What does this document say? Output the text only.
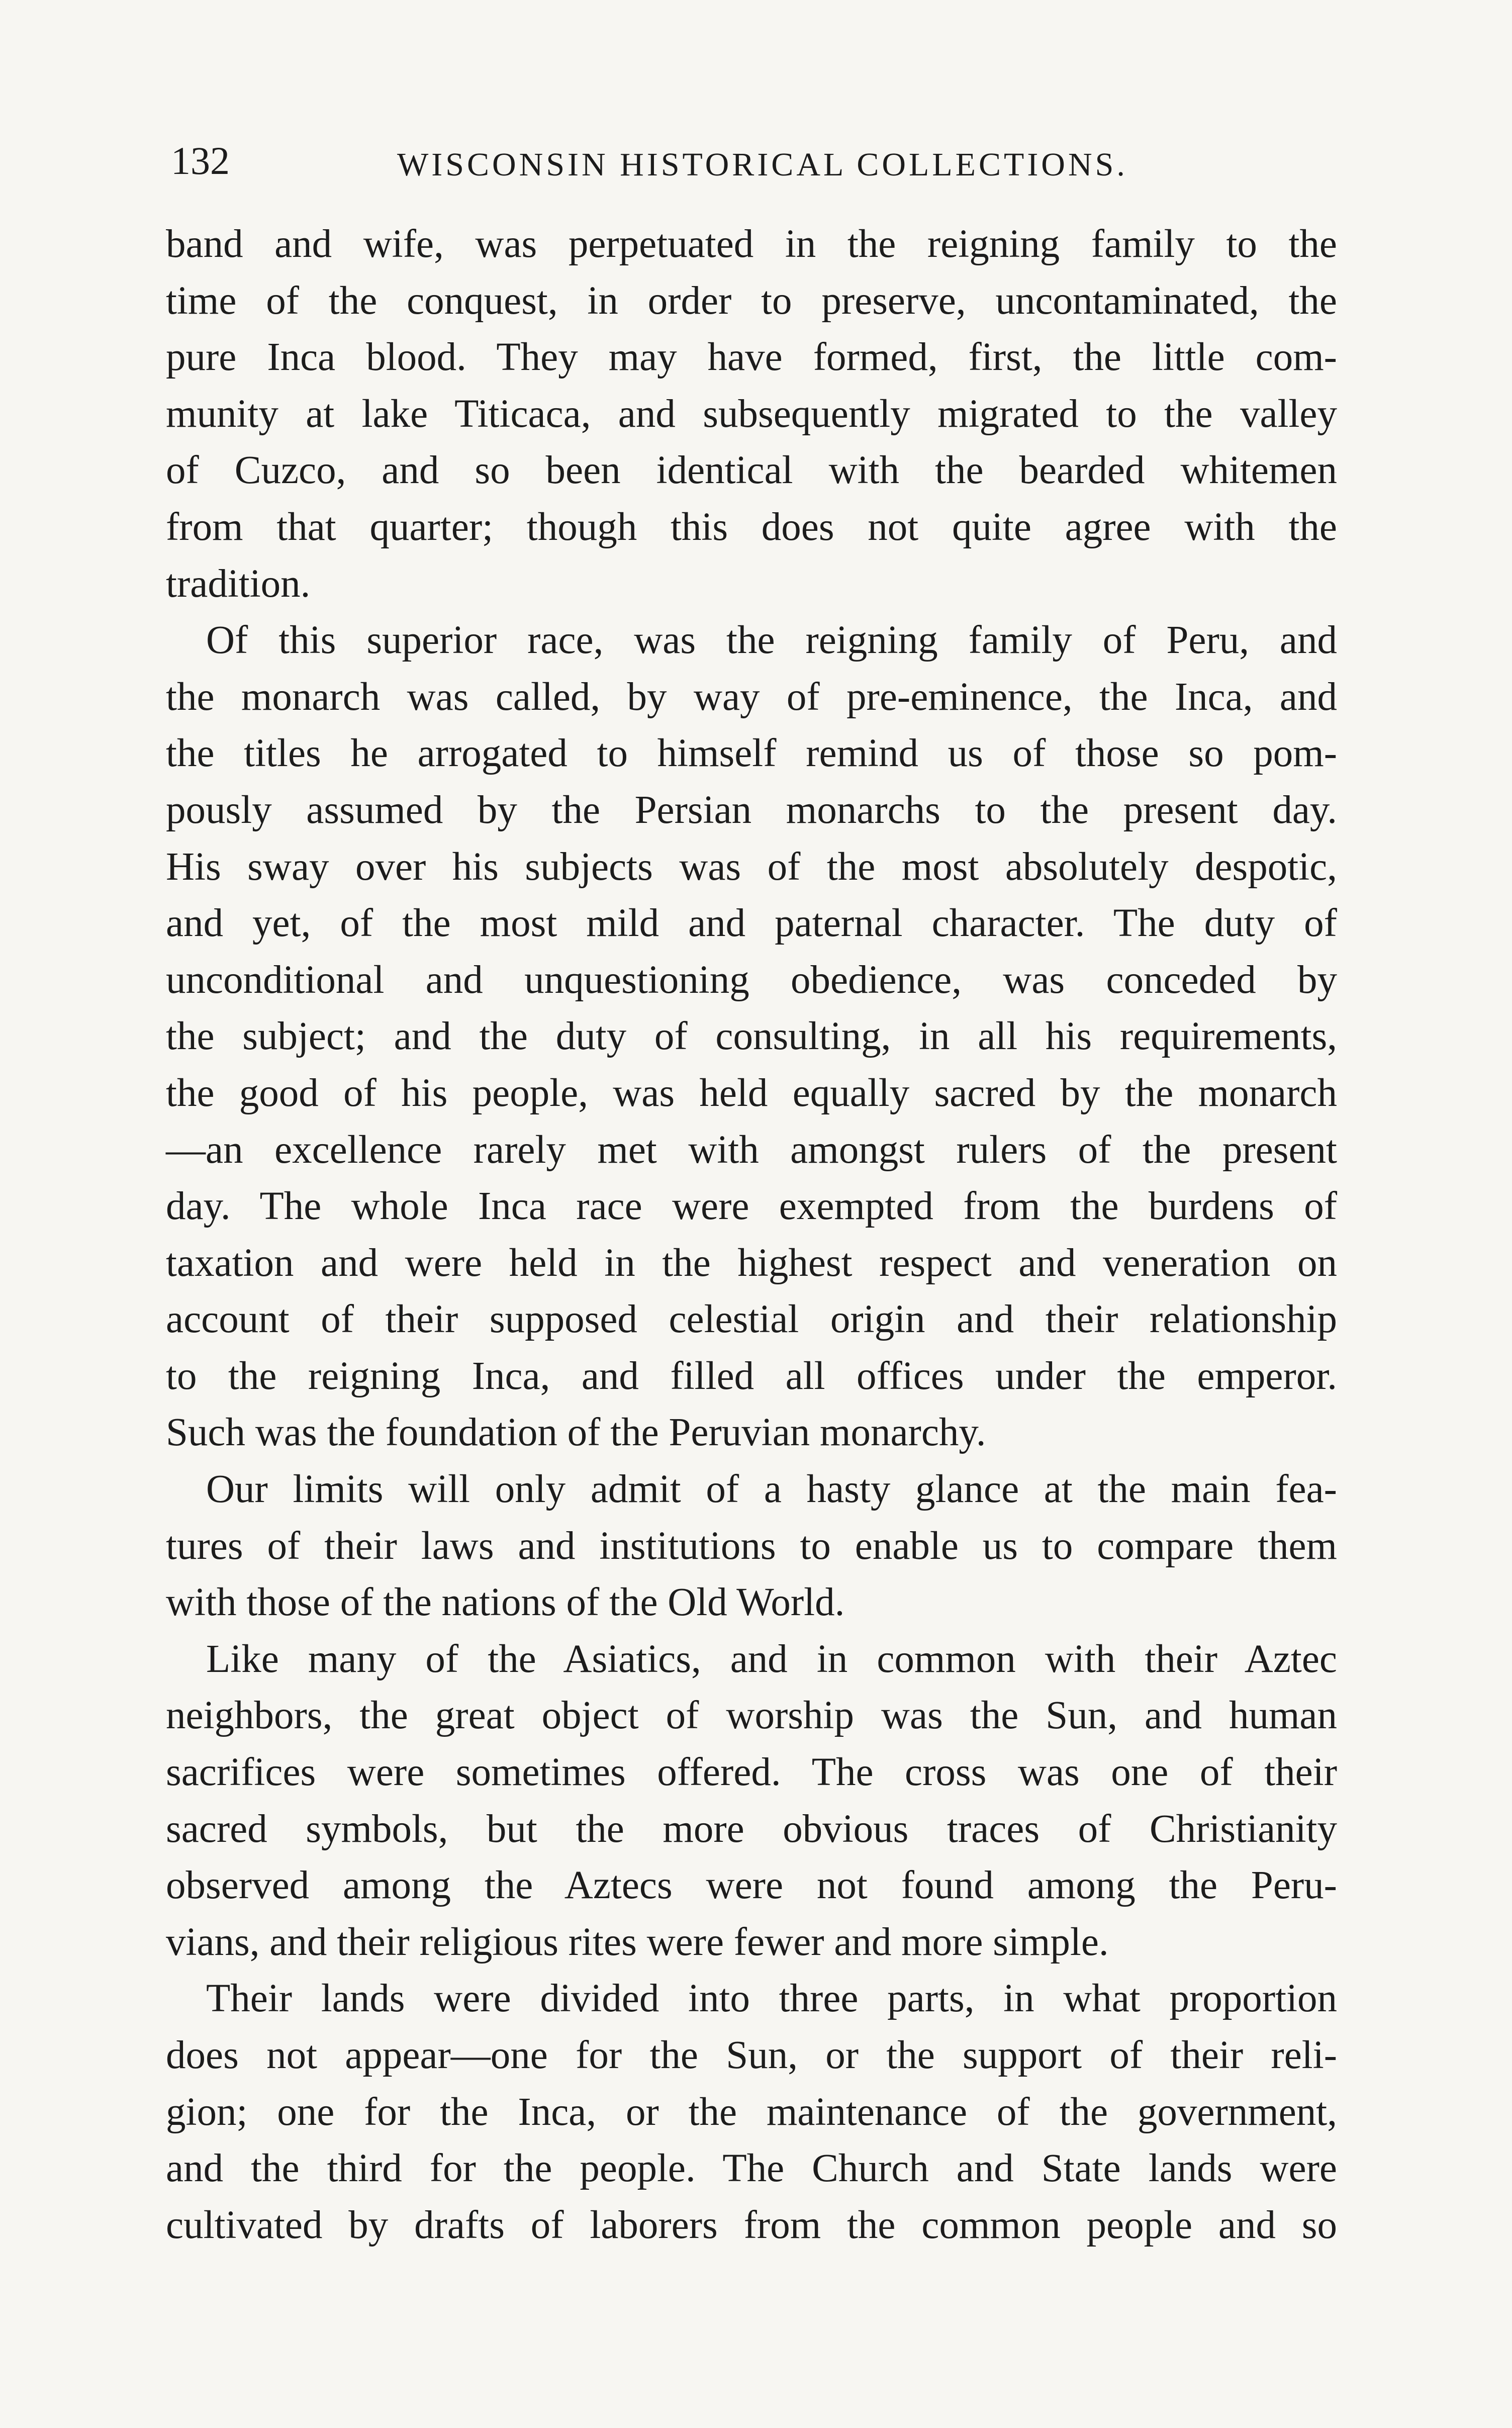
132	WISCONSIN HISTORICAL COLLECTIONS.
band and wife, was perpetuated in the reigning family to the
time of the conquest, in order to preserve, uncontaminated, the
pure Inca blood. They may have formed, first, the little com-
munity at lake Titicaca, and subsequently migrated to the valley
of Cuzco, and so been identical with the bearded whitemen
from that quarter; though this does not quite agree with the
tradition.
Of this superior race, was the reigning family of Peru, and
the monarch was called, by way of pre-eminence, the Inca, and
the titles he arrogated to himself remind us of those so pom-
pously assumed by the Persian monarchs to the present day.
His sway over his subjects was of the most absolutely despotic,
and yet, of the most mild and paternal character. The duty of
unconditional and unquestioning obedience, was conceded by
the subject; and the duty of consulting, in all his requirements,
the good of his people, was held equally sacred by the monarch
—an excellence rarely met with amongst rulers of the present
day. The whole Inca race were exempted from the burdens of
taxation and were held in the highest respect and veneration on
account of their supposed celestial origin and their relationship
to the reigning Inca, and filled all offices under the emperor.
Such was the foundation of the Peruvian monarchy.
Our limits will only admit of a hasty glance at the main fea-
tures of their laws and institutions to enable us to compare them
with those of the nations of the Old World.
Like many of the Asiatics, and in common with their Aztec
neighbors, the great object of worship was the Sun, and human
sacrifices were sometimes offered. The cross was one of their
sacred symbols, but the more obvious traces of Christianity
observed among the Aztecs were not found among the Peru-
vians, and their religious rites were fewer and more simple.
Their lands were divided into three parts, in what proportion
does not appear—one for the Sun, or the support of their reli-
gion; one for the Inca, or the maintenance of the government,
and the third for the people. The Church and State lands were
cultivated by drafts of laborers from the common people and so
